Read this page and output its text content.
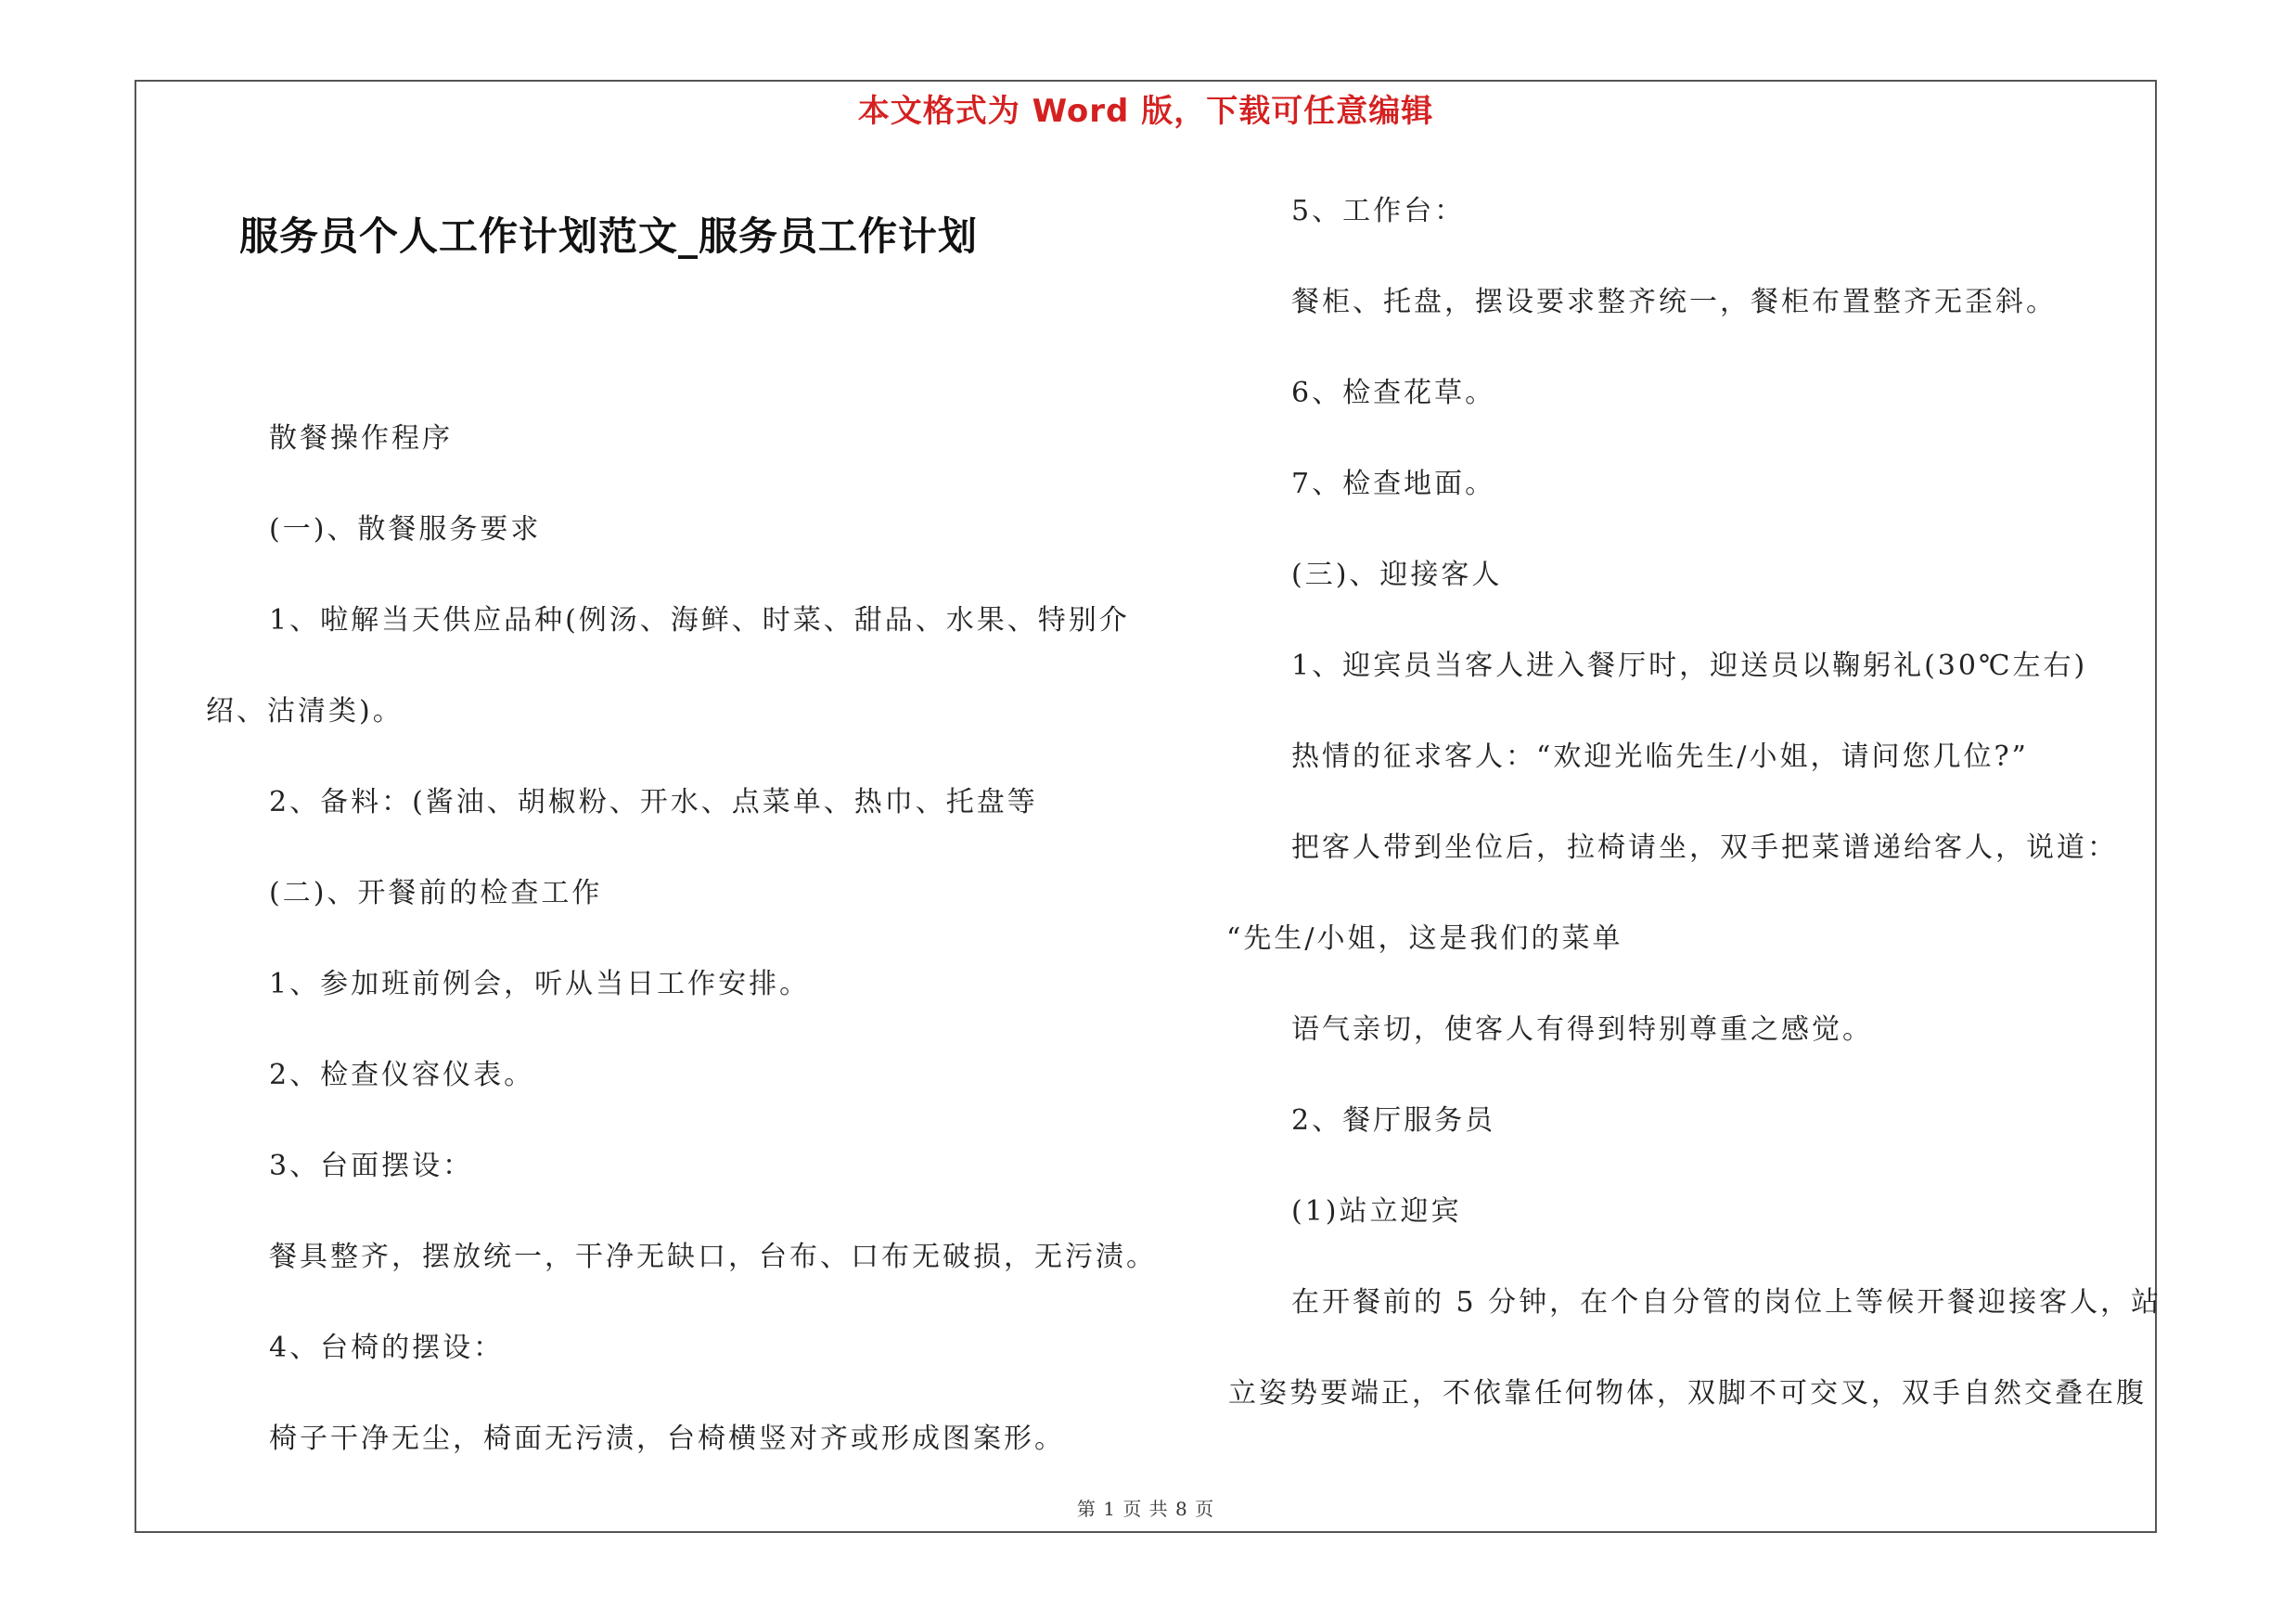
本文格式为 Word 版，下载可任意编辑
服务员个人工作计划范文_服务员工作计划
散餐操作程序
(一)、散餐服务要求
1、啦解当天供应品种(例汤、海鲜、时菜、甜品、水果、特别介
绍、沽清类)。
2、备料：(酱油、胡椒粉、开水、点菜单、热巾、托盘等
(二)、开餐前的检查工作
1、参加班前例会，听从当日工作安排。
2、检查仪容仪表。
3、台面摆设：
餐具整齐，摆放统一，干净无缺口，台布、口布无破损，无污渍。
4、台椅的摆设：
椅子干净无尘，椅面无污渍，台椅横竖对齐或形成图案形。
5、工作台：
餐柜、托盘，摆设要求整齐统一，餐柜布置整齐无歪斜。
6、检查花草。
7、检查地面。
(三)、迎接客人
1、迎宾员当客人进入餐厅时，迎送员以鞠躬礼(30℃左右)
热情的征求客人：“欢迎光临先生/小姐，请问您几位?”
把客人带到坐位后，拉椅请坐，双手把菜谱递给客人，说道：
“先生/小姐，这是我们的菜单
语气亲切，使客人有得到特别尊重之感觉。
2、餐厅服务员
(1)站立迎宾
在开餐前的 5 分钟，在个自分管的岗位上等候开餐迎接客人，站
立姿势要端正，不依靠任何物体，双脚不可交叉，双手自然交叠在腹
第 1 页 共 8 页
